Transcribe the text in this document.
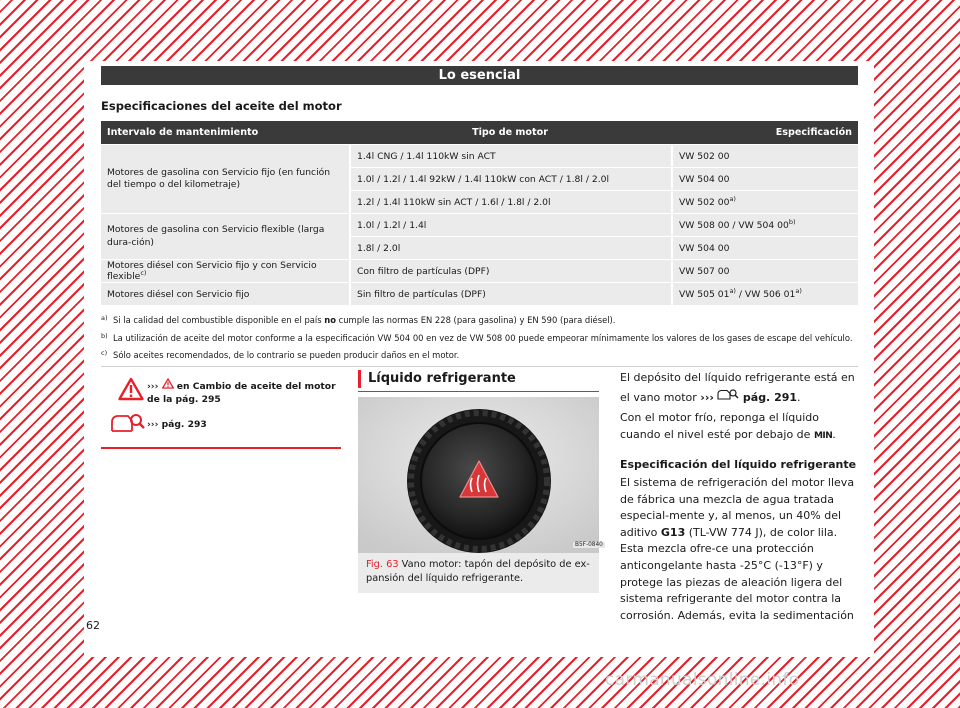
Lo esencial
Especificaciones del aceite del motor
Intervalo de mantenimiento	Tipo de motor	Especificación
Motores de gasolina con Servicio fijo (en función del tiempo o del kilometraje)	1.4l CNG / 1.4l 110kW sin ACT	VW 502 00
	1.0l / 1.2l / 1.4l 92kW / 1.4l 110kW con ACT / 1.8l / 2.0l	VW 504 00
	1.2l / 1.4l 110kW sin ACT / 1.6l / 1.8l / 2.0l	VW 502 00$^{a)}$
Motores de gasolina con Servicio flexible (larga dura-ción)	1.0l / 1.2l / 1.4l	VW 508 00 / VW 504 00$^{b)}$
	1.8l / 2.0l	VW 504 00
Motores diésel con Servicio fijo y con Servicio flexible$^{c)}$	Con filtro de partículas (DPF)	VW 507 00
Motores diésel con Servicio fijo	Sin filtro de partículas (DPF)	VW 505 01$^{a)}$ / VW 506 01$^{a)}$
a) Si la calidad del combustible disponible en el país no cumple las normas EN 228 (para gasolina) y EN 590 (para diésel).
b) La utilización de aceite del motor conforme a la especificación VW 504 00 en vez de VW 508 00 puede empeorar mínimamente los valores de los gases de escape del vehículo.
c) Sólo aceites recomendados, de lo contrario se pueden producir daños en el motor.
›››  en Cambio de aceite del motor de la pág. 295
››› pág. 293
Líquido refrigerante
B5F-0840
Fig. 63 Vano motor: tapón del depósito de ex-pansión del líquido refrigerante.

El depósito del líquido refrigerante está en el vano motor ›››	pág. 291.

Con el motor frío, reponga el líquido cuando el nivel esté por debajo de MIN.

Especificación del líquido refrigerante

El sistema de refrigeración del motor lleva de fábrica una mezcla de agua tratada especial-mente y, al menos, un 40% del aditivo G13 (TL-VW 774 J), de color lila. Esta mezcla ofre-ce una protección anticongelante hasta -25°C (-13°F) y protege las piezas de aleación ligera del sistema refrigerante del motor contra la corrosión. Además, evita la sedimentación

62
carmanualsonline.info
